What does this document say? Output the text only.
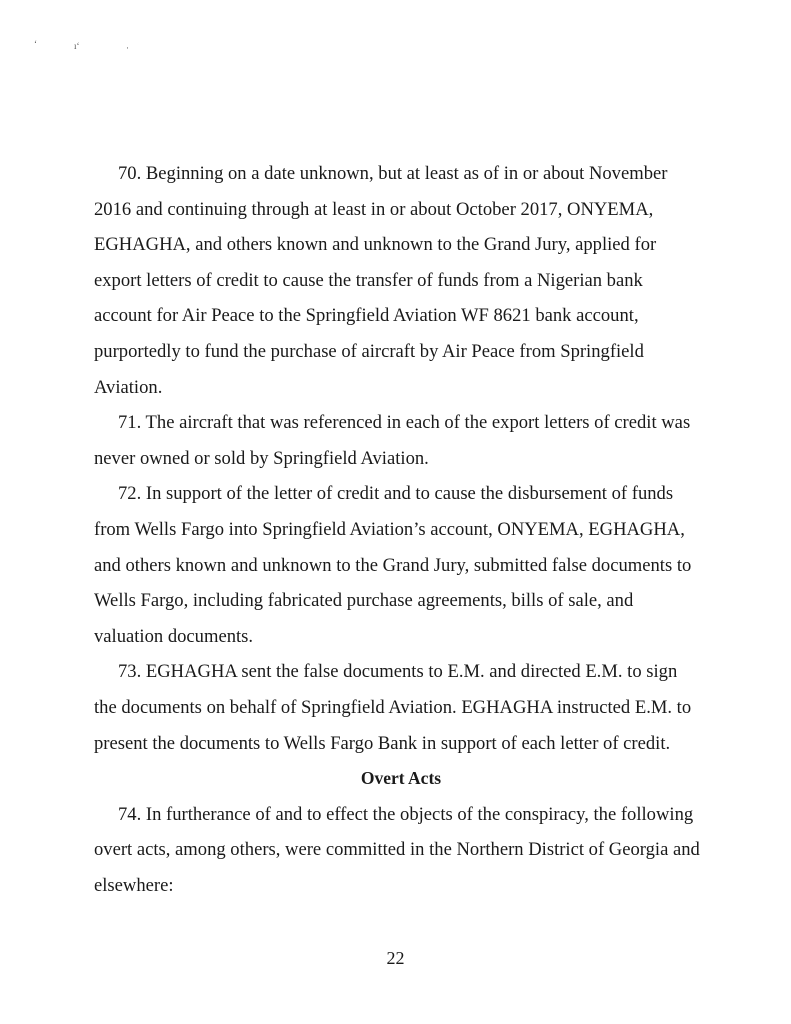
‘	ı‘	·

70. Beginning on a date unknown, but at least as of in or about November 2016 and continuing through at least in or about October 2017, ONYEMA, EGHAGHA, and others known and unknown to the Grand Jury, applied for export letters of credit to cause the transfer of funds from a Nigerian bank account for Air Peace to the Springfield Aviation WF 8621 bank account, purportedly to fund the purchase of aircraft by Air Peace from Springfield Aviation.

71. The aircraft that was referenced in each of the export letters of credit was never owned or sold by Springfield Aviation.

72. In support of the letter of credit and to cause the disbursement of funds from Wells Fargo into Springfield Aviation’s account, ONYEMA, EGHAGHA, and others known and unknown to the Grand Jury, submitted false documents to Wells Fargo, including fabricated purchase agreements, bills of sale, and valuation documents.

73. EGHAGHA sent the false documents to E.M. and directed E.M. to sign the documents on behalf of Springfield Aviation. EGHAGHA instructed E.M. to present the documents to Wells Fargo Bank in support of each letter of credit.

Overt Acts

74. In furtherance of and to effect the objects of the conspiracy, the following overt acts, among others, were committed in the Northern District of Georgia and elsewhere:

22
